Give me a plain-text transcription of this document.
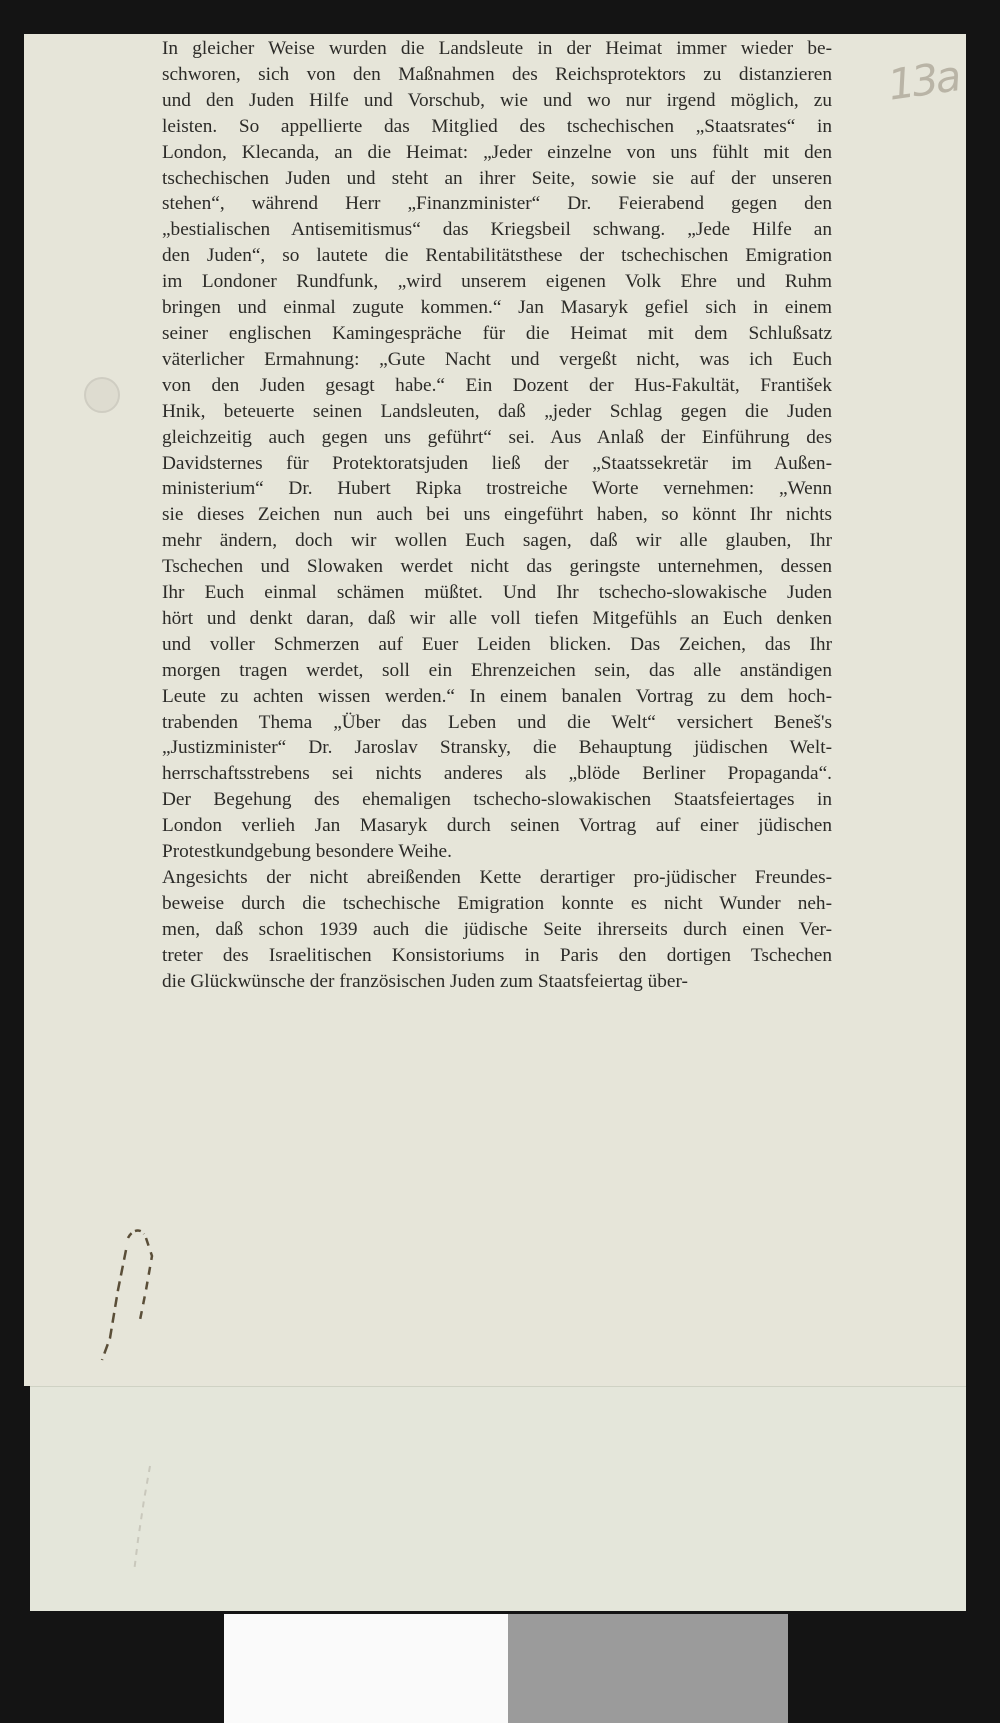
13a
In gleicher Weise wurden die Landsleute in der Heimat immer wieder be-
schworen, sich von den Maßnahmen des Reichsprotektors zu distanzieren
und den Juden Hilfe und Vorschub, wie und wo nur irgend möglich, zu
leisten. So appellierte das Mitglied des tschechischen „Staatsrates“ in
London, Klecanda, an die Heimat: „Jeder einzelne von uns fühlt mit den
tschechischen Juden und steht an ihrer Seite, sowie sie auf der unseren
stehen“, während Herr „Finanzminister“ Dr. Feierabend gegen den
„bestialischen Antisemitismus“ das Kriegsbeil schwang. „Jede Hilfe an
den Juden“, so lautete die Rentabilitätsthese der tschechischen Emigration
im Londoner Rundfunk, „wird unserem eigenen Volk Ehre und Ruhm
bringen und einmal zugute kommen.“ Jan Masaryk gefiel sich in einem
seiner englischen Kamingespräche für die Heimat mit dem Schlußsatz
väterlicher Ermahnung: „Gute Nacht und vergeßt nicht, was ich Euch
von den Juden gesagt habe.“ Ein Dozent der Hus-Fakultät, František
Hnik, beteuerte seinen Landsleuten, daß „jeder Schlag gegen die Juden
gleichzeitig auch gegen uns geführt“ sei. Aus Anlaß der Einführung des
Davidsternes für Protektoratsjuden ließ der „Staatssekretär im Außen-
ministerium“ Dr. Hubert Ripka trostreiche Worte vernehmen: „Wenn
sie dieses Zeichen nun auch bei uns eingeführt haben, so könnt Ihr nichts
mehr ändern, doch wir wollen Euch sagen, daß wir alle glauben, Ihr
Tschechen und Slowaken werdet nicht das geringste unternehmen, dessen
Ihr Euch einmal schämen müßtet. Und Ihr tschecho-slowakische Juden
hört und denkt daran, daß wir alle voll tiefen Mitgefühls an Euch denken
und voller Schmerzen auf Euer Leiden blicken. Das Zeichen, das Ihr
morgen tragen werdet, soll ein Ehrenzeichen sein, das alle anständigen
Leute zu achten wissen werden.“ In einem banalen Vortrag zu dem hoch-
trabenden Thema „Über das Leben und die Welt“ versichert Beneš's
„Justizminister“ Dr. Jaroslav Stransky, die Behauptung jüdischen Welt-
herrschaftsstrebens sei nichts anderes als „blöde Berliner Propaganda“.
Der Begehung des ehemaligen tschecho-slowakischen Staatsfeiertages in
London verlieh Jan Masaryk durch seinen Vortrag auf einer jüdischen
Protestkundgebung besondere Weihe.
Angesichts der nicht abreißenden Kette derartiger pro-jüdischer Freundes-
beweise durch die tschechische Emigration konnte es nicht Wunder neh-
men, daß schon 1939 auch die jüdische Seite ihrerseits durch einen Ver-
treter des Israelitischen Konsistoriums in Paris den dortigen Tschechen
die Glückwünsche der französischen Juden zum Staatsfeiertag über-
